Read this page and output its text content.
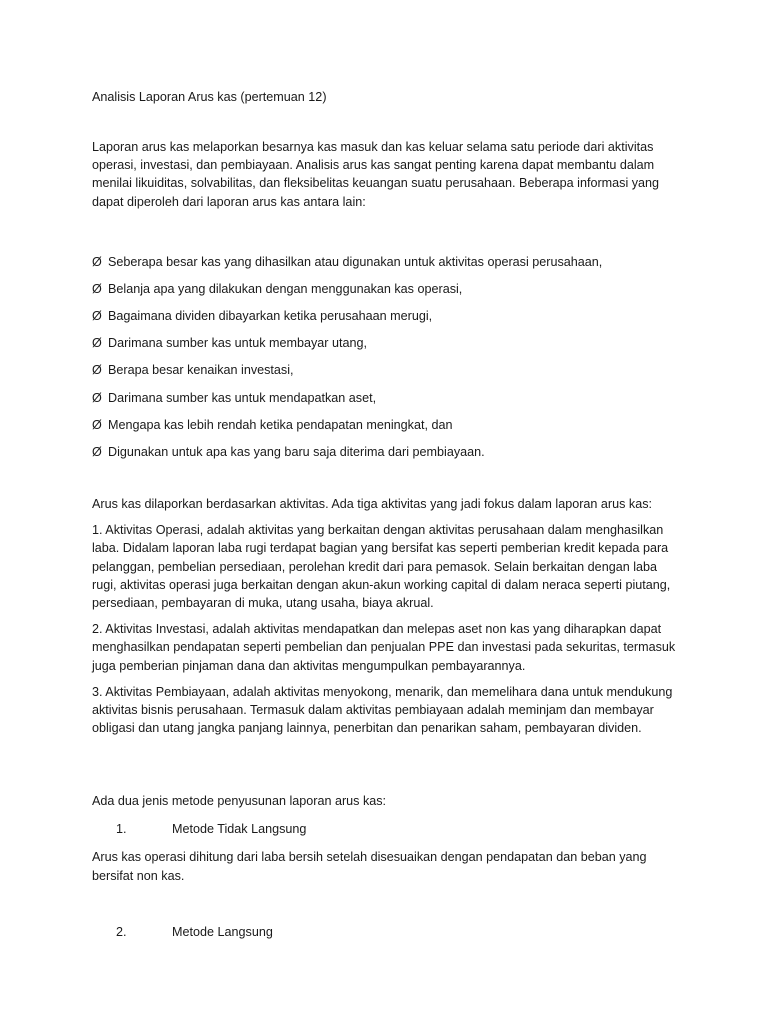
Analisis Laporan Arus kas (pertemuan 12)

Laporan arus kas melaporkan besarnya kas masuk dan kas keluar selama satu periode dari aktivitas operasi, investasi, dan pembiayaan. Analisis arus kas sangat penting karena dapat membantu dalam menilai likuiditas, solvabilitas, dan fleksibelitas keuangan suatu perusahaan. Beberapa informasi yang dapat diperoleh dari laporan arus kas antara lain:

Ø Seberapa besar kas yang dihasilkan atau digunakan untuk aktivitas operasi perusahaan,
Ø Belanja apa yang dilakukan dengan menggunakan kas operasi,
Ø Bagaimana dividen dibayarkan ketika perusahaan merugi,
Ø Darimana sumber kas untuk membayar utang,
Ø Berapa besar kenaikan investasi,
Ø Darimana sumber kas untuk mendapatkan aset,
Ø Mengapa kas lebih rendah ketika pendapatan meningkat, dan
Ø Digunakan untuk apa kas yang baru saja diterima dari pembiayaan.

Arus kas dilaporkan berdasarkan aktivitas. Ada tiga aktivitas yang jadi fokus dalam laporan arus kas:

1. Aktivitas Operasi, adalah aktivitas yang berkaitan dengan aktivitas perusahaan dalam menghasilkan laba. Didalam laporan laba rugi terdapat bagian yang bersifat kas seperti pemberian kredit kepada para pelanggan, pembelian persediaan, perolehan kredit dari para pemasok. Selain berkaitan dengan laba rugi, aktivitas operasi juga berkaitan dengan akun-akun working capital di dalam neraca seperti piutang, persediaan, pembayaran di muka, utang usaha, biaya akrual.

2. Aktivitas Investasi, adalah aktivitas mendapatkan dan melepas aset non kas yang diharapkan dapat menghasilkan pendapatan seperti pembelian dan penjualan PPE dan investasi pada sekuritas, termasuk juga pemberian pinjaman dana dan aktivitas mengumpulkan pembayarannya.

3. Aktivitas Pembiayaan, adalah aktivitas menyokong, menarik, dan memelihara dana untuk mendukung aktivitas bisnis perusahaan. Termasuk dalam aktivitas pembiayaan adalah meminjam dan membayar obligasi dan utang jangka panjang lainnya, penerbitan dan penarikan saham, pembayaran dividen.

Ada dua jenis metode penyusunan laporan arus kas:

1.	Metode Tidak Langsung

Arus kas operasi dihitung dari laba bersih setelah disesuaikan dengan pendapatan dan beban yang bersifat non kas.

2.	Metode Langsung
